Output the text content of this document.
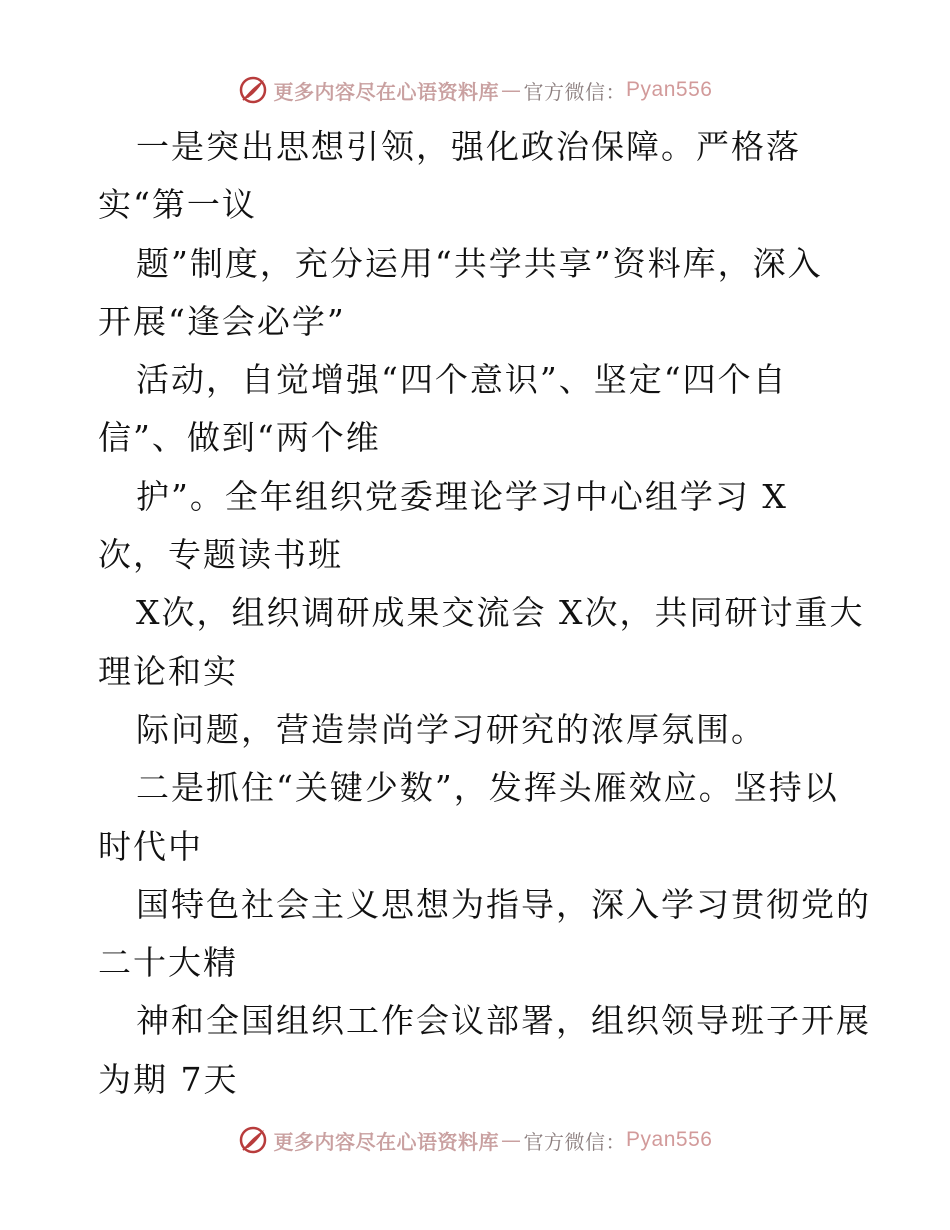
更多内容尽在心语资料库 — 官方微信： Pyan556
一是突出思想引领，强化政治保障。严格落
实“第一议
题”制度，充分运用“共学共享”资料库，深入
开展“逢会必学”
活动，自觉增强“四个意识”、坚定“四个自
信”、做到“两个维
护”。全年组织党委理论学习中心组学习 X
次，专题读书班
X次，组织调研成果交流会 X次，共同研讨重大
理论和实
际问题，营造崇尚学习研究的浓厚氛围。
二是抓住“关键少数”，发挥头雁效应。坚持以
时代中
国特色社会主义思想为指导，深入学习贯彻党的
二十大精
神和全国组织工作会议部署，组织领导班子开展
为期 7天
更多内容尽在心语资料库 — 官方微信： Pyan556
